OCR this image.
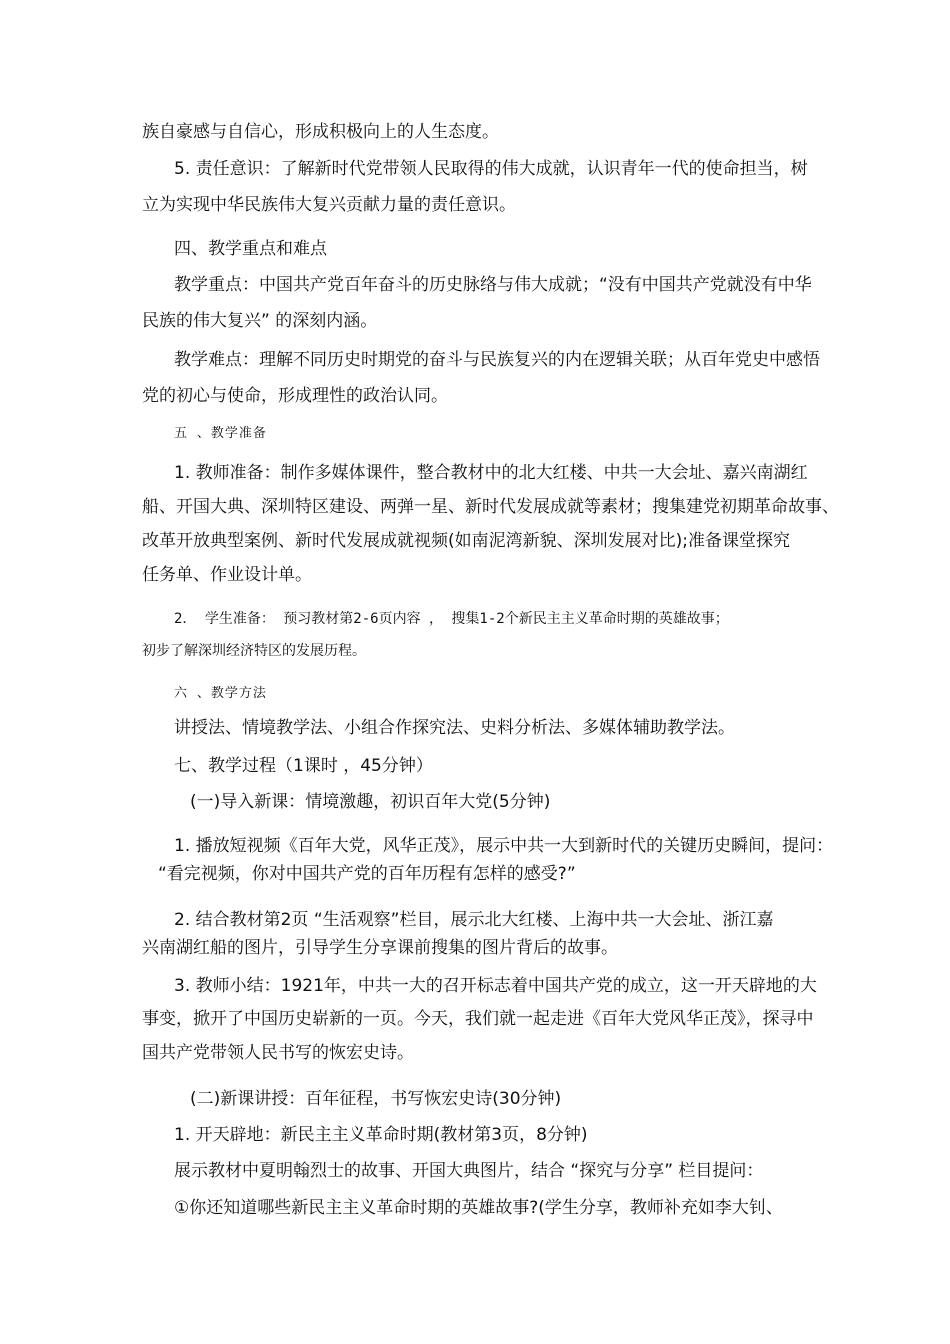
族自豪感与自信心，形成积极向上的人生态度。
5. 责任意识：了解新时代党带领人民取得的伟大成就，认识青年一代的使命担当，树
立为实现中华民族伟大复兴贡献力量的责任意识。
四、教学重点和难点
教学重点：中国共产党百年奋斗的历史脉络与伟大成就；“没有中国共产党就没有中华
民族的伟大复兴” 的深刻内涵。
教学难点：理解不同历史时期党的奋斗与民族复兴的内在逻辑关联；从百年党史中感悟
党的初心与使命，形成理性的政治认同。
五 、教学准备
1. 教师准备：制作多媒体课件，整合教材中的北大红楼、中共一大会址、嘉兴南湖红
船、开国大典、深圳特区建设、两弹一星、新时代发展成就等素材；搜集建党初期革命故事、
改革开放典型案例、新时代发展成就视频(如南泥湾新貌、深圳发展对比);准备课堂探究
任务单、作业设计单。
2． 学生准备： 预习教材第2-6页内容 ， 搜集1-2个新民主主义革命时期的英雄故事；
初步了解深圳经济特区的发展历程。
六 、教学方法
讲授法、情境教学法、小组合作探究法、史料分析法、多媒体辅助教学法。
七、教学过程（1课时 ，45分钟）
(一)导入新课：情境激趣，初识百年大党(5分钟)
1. 播放短视频《百年大党，风华正茂》，展示中共一大到新时代的关键历史瞬间，提问：
“看完视频，你对中国共产党的百年历程有怎样的感受?”
2. 结合教材第2页 “生活观察”栏目，展示北大红楼、上海中共一大会址、浙江嘉
兴南湖红船的图片，引导学生分享课前搜集的图片背后的故事。
3. 教师小结：1921年，中共一大的召开标志着中国共产党的成立，这一开天辟地的大
事变，掀开了中国历史崭新的一页。今天，我们就一起走进《百年大党风华正茂》，探寻中
国共产党带领人民书写的恢宏史诗。
(二)新课讲授：百年征程，书写恢宏史诗(30分钟)
1. 开天辟地：新民主主义革命时期(教材第3页，8分钟)
展示教材中夏明翰烈士的故事、开国大典图片，结合 “探究与分享” 栏目提问：
①你还知道哪些新民主主义革命时期的英雄故事?(学生分享，教师补充如李大钊、
